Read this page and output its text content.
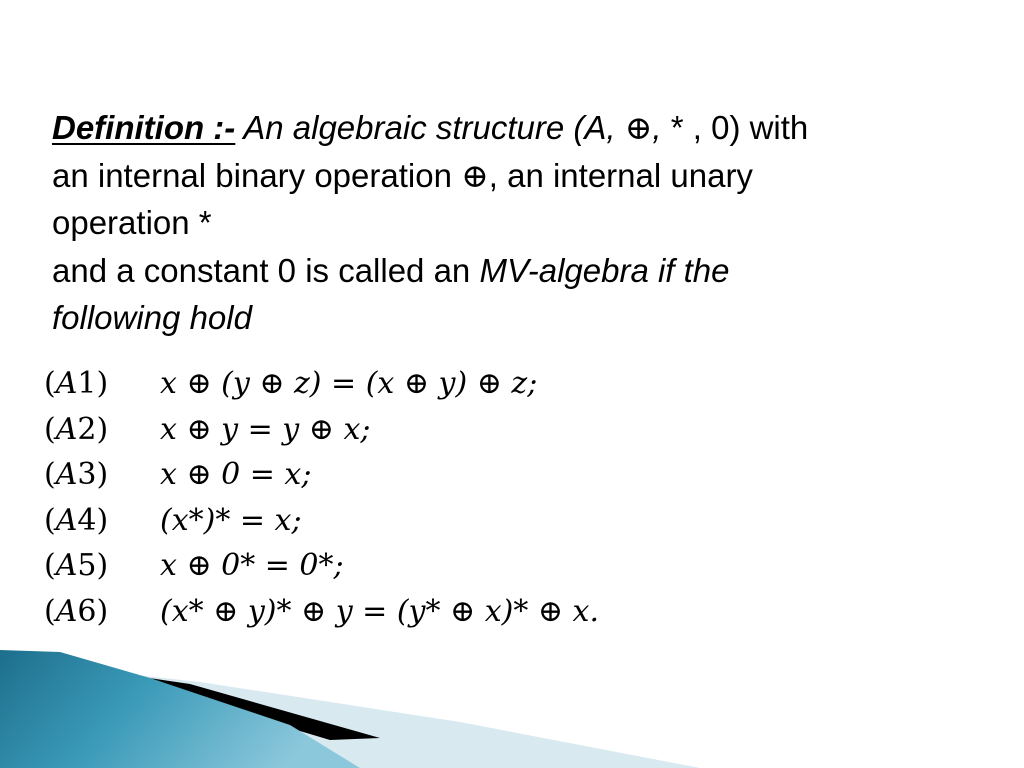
Definition :- An algebraic structure (A, ⊕, * , 0) with
an internal binary operation ⊕, an internal unary
operation *
and a constant 0 is called an MV-algebra if the
following hold
(A1)	x ⊕ (y ⊕ z) = (x ⊕ y) ⊕ z;
(A2)	x ⊕ y = y ⊕ x;
(A3)	x ⊕ 0 = x;
(A4)	(x*)* = x;
(A5)	x ⊕ 0* = 0*;
(A6)	(x* ⊕ y)* ⊕ y = (y* ⊕ x)* ⊕ x.
